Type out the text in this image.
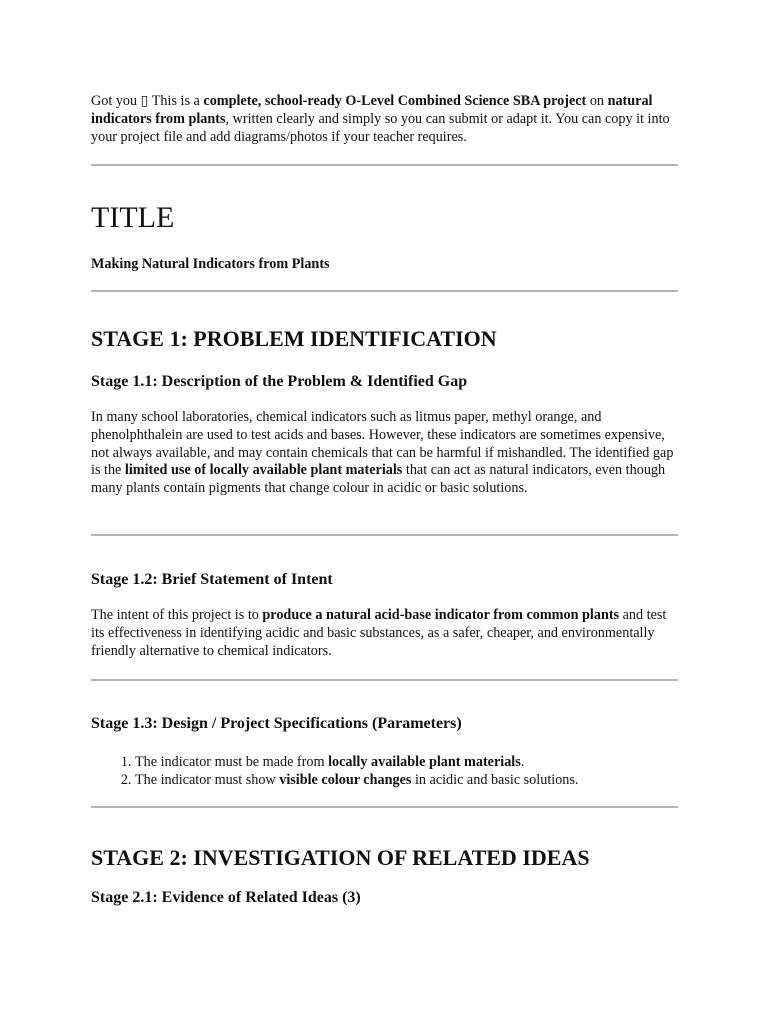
Got you ▯ This is a complete, school-ready O-Level Combined Science SBA project on natural indicators from plants, written clearly and simply so you can submit or adapt it. You can copy it into your project file and add diagrams/photos if your teacher requires.

TITLE

Making Natural Indicators from Plants

STAGE 1: PROBLEM IDENTIFICATION
Stage 1.1: Description of the Problem & Identified Gap

In many school laboratories, chemical indicators such as litmus paper, methyl orange, and phenolphthalein are used to test acids and bases. However, these indicators are sometimes expensive, not always available, and may contain chemicals that can be harmful if mishandled. The identified gap is the limited use of locally available plant materials that can act as natural indicators, even though many plants contain pigments that change colour in acidic or basic solutions.

Stage 1.2: Brief Statement of Intent

The intent of this project is to produce a natural acid-base indicator from common plants and test its effectiveness in identifying acidic and basic substances, as a safer, cheaper, and environmentally friendly alternative to chemical indicators.

Stage 1.3: Design / Project Specifications (Parameters)
1. The indicator must be made from locally available plant materials.
2. The indicator must show visible colour changes in acidic and basic solutions.
STAGE 2: INVESTIGATION OF RELATED IDEAS
Stage 2.1: Evidence of Related Ideas (3)
